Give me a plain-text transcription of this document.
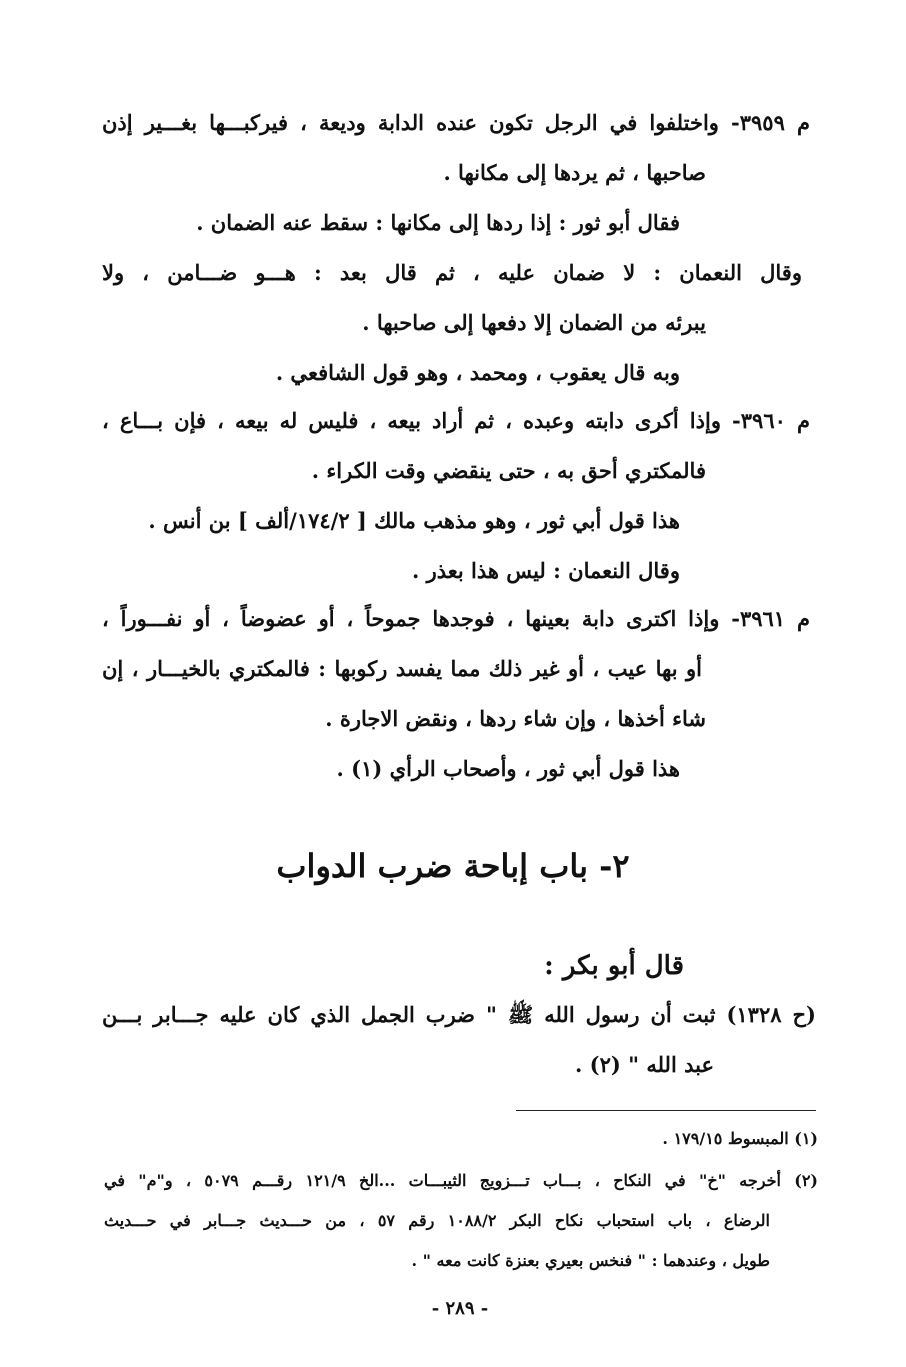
م ٣٩٥٩- واختلفوا في الرجل تكون عنده الدابة وديعة ، فيركبـــها بغـــير إذن
صاحبها ، ثم يردها إلى مكانها .
فقال أبو ثور : إذا ردها إلى مكانها : سقط عنه الضمان .
وقال النعمان : لا ضمان عليه ، ثم قال بعد : هـــو ضـــامن ، ولا
يبرئه من الضمان إلا دفعها إلى صاحبها .
وبه قال يعقوب ، ومحمد ، وهو قول الشافعي .
م ٣٩٦٠- وإذا أكرى دابته وعبده ، ثم أراد بيعه ، فليس له بيعه ، فإن بـــاع ،
فالمكتري أحق به ، حتى ينقضي وقت الكراء .
هذا قول أبي ثور ، وهو مذهب مالك [ ١٧٤/٢/ألف ] بن أنس .
وقال النعمان : ليس هذا بعذر .
م ٣٩٦١- وإذا اكترى دابة بعينها ، فوجدها جموحاً ، أو عضوضاً ، أو نفـــوراً ،
أو بها عيب ، أو غير ذلك مما يفسد ركوبها : فالمكتري بالخيـــار ، إن
شاء أخذها ، وإن شاء ردها ، ونقض الاجارة .
هذا قول أبي ثور ، وأصحاب الرأي (١) .
٢- باب إباحة ضرب الدواب
قال أبو بكر :
(ح ١٣٢٨) ثبت أن رسول الله ﷺ " ضرب الجمل الذي كان عليه جـــابر بـــن
عبد الله " (٢) .
(١) المبسوط ١٧٩/١٥ .
(٢) أخرجه "خ" في النكاح ، بـــاب تـــزويج الثيبـــات ...الخ ١٢١/٩ رقـــم ٥٠٧٩ ، و"م" في
الرضاع ، باب استحباب نكاح البكر ١٠٨٨/٢ رقم ٥٧ ، من حـــديث جـــابر في حـــديث
طويل ، وعندهما : " فنخس بعيري بعنزة كانت معه " .
- ٢٨٩ -
